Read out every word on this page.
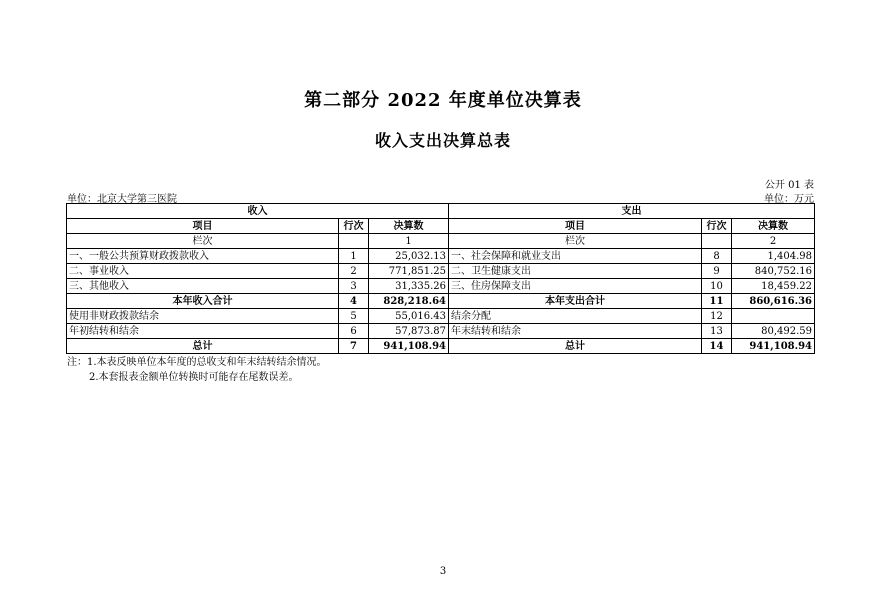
第二部分 2022 年度单位决算表
收入支出决算总表
公开 01 表
单位：万元
单位：北京大学第三医院
收入			支出		
项目	行次	决算数	项目	行次	决算数
栏次		1	栏次		2
一、一般公共预算财政拨款收入	1	25,032.13	一、社会保障和就业支出	8	1,404.98
二、事业收入	2	771,851.25	二、卫生健康支出	9	840,752.16
三、其他收入	3	31,335.26	三、住房保障支出	10	18,459.22
本年收入合计	4	828,218.64	本年支出合计	11	860,616.36
使用非财政拨款结余	5	55,016.43	结余分配	12	
年初结转和结余	6	57,873.87	年末结转和结余	13	80,492.59
总计	7	941,108.94	总计	14	941,108.94
注：1.本表反映单位本年度的总收支和年末结转结余情况。
2.本套报表金额单位转换时可能存在尾数误差。
3
